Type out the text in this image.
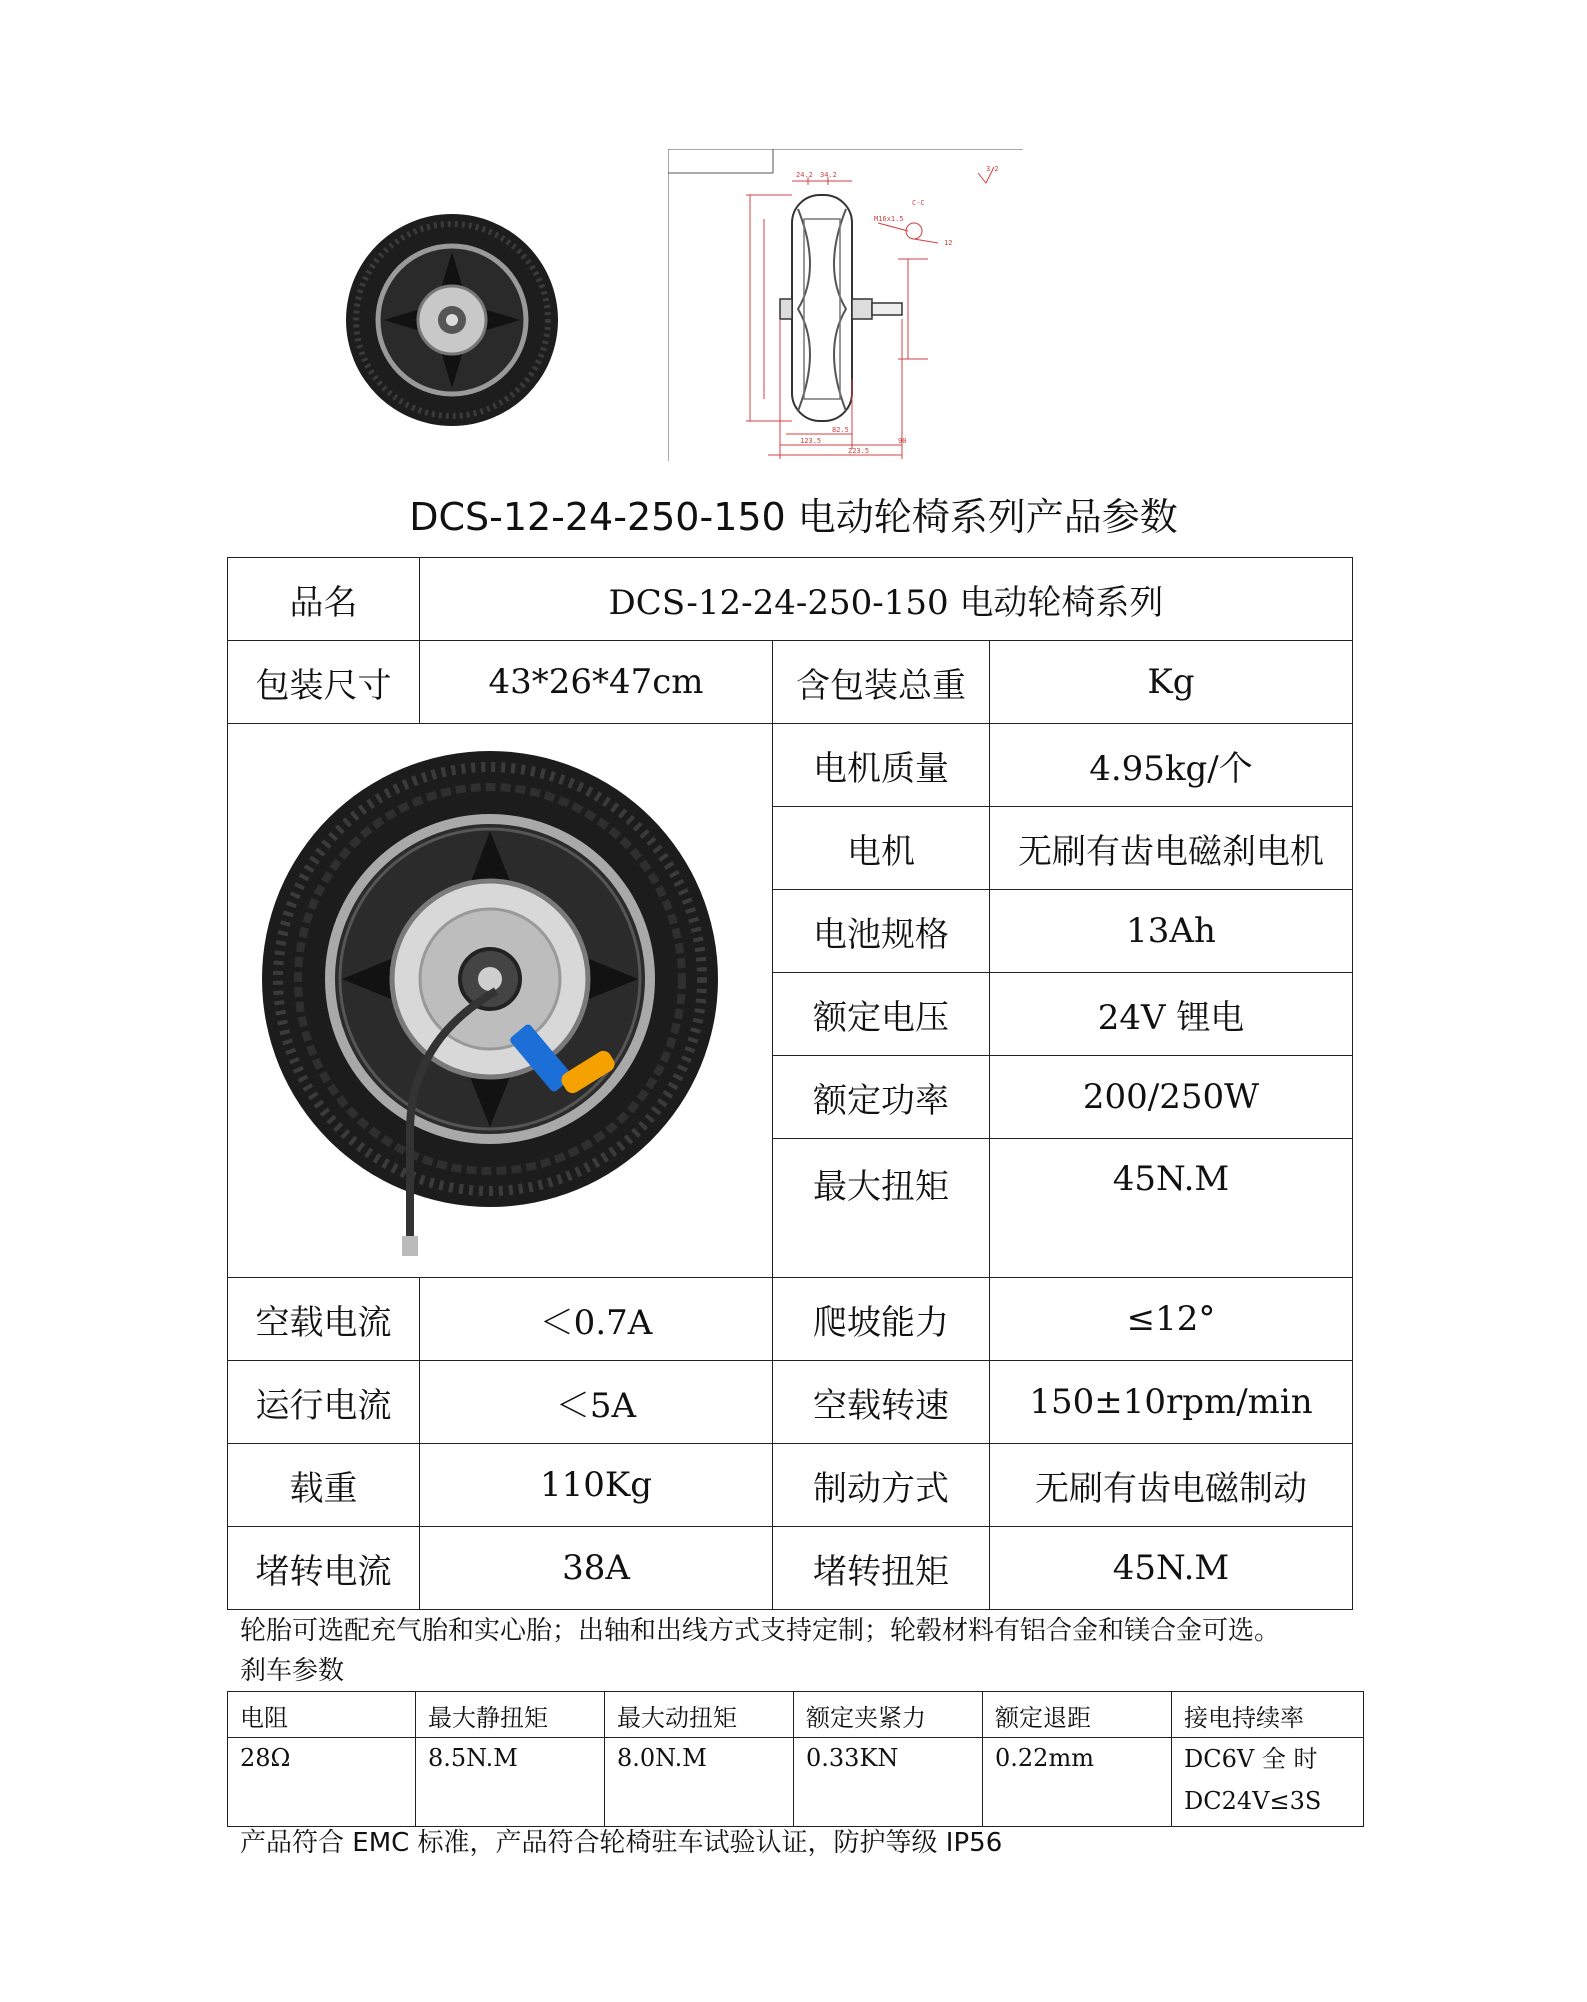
24.2 34.2
M16x1.5
12
82.5
123.5	90
223.5
C-C
3.2
DCS-12-24-250-150 电动轮椅系列产品参数
品名	DCS-12-24-250-150 电动轮椅系列		
包装尺寸	43*26*47cm	含包装总重	Kg

	电机质量	4.95kg/个
		电机	无刷有齿电磁刹电机
		电池规格	13Ah
		额定电压	24V 锂电
		额定功率	200/250W
		最大扭矩	45N.M
空载电流	＜0.7A	爬坡能力	≤12°
运行电流	＜5A	空载转速	150±10rpm/min
载重	110Kg	制动方式	无刷有齿电磁制动
堵转电流	38A	堵转扭矩	45N.M
轮胎可选配充气胎和实心胎；出轴和出线方式支持定制；轮毂材料有铝合金和镁合金可选。
刹车参数
电阻	最大静扭矩	最大动扭矩	额定夹紧力	额定退距	接电持续率
28Ω	8.5N.M	8.0N.M	0.33KN	0.22mm	DC6V 全 时
DC24V≤3S
产品符合 EMC 标准，产品符合轮椅驻车试验认证，防护等级 IP56
